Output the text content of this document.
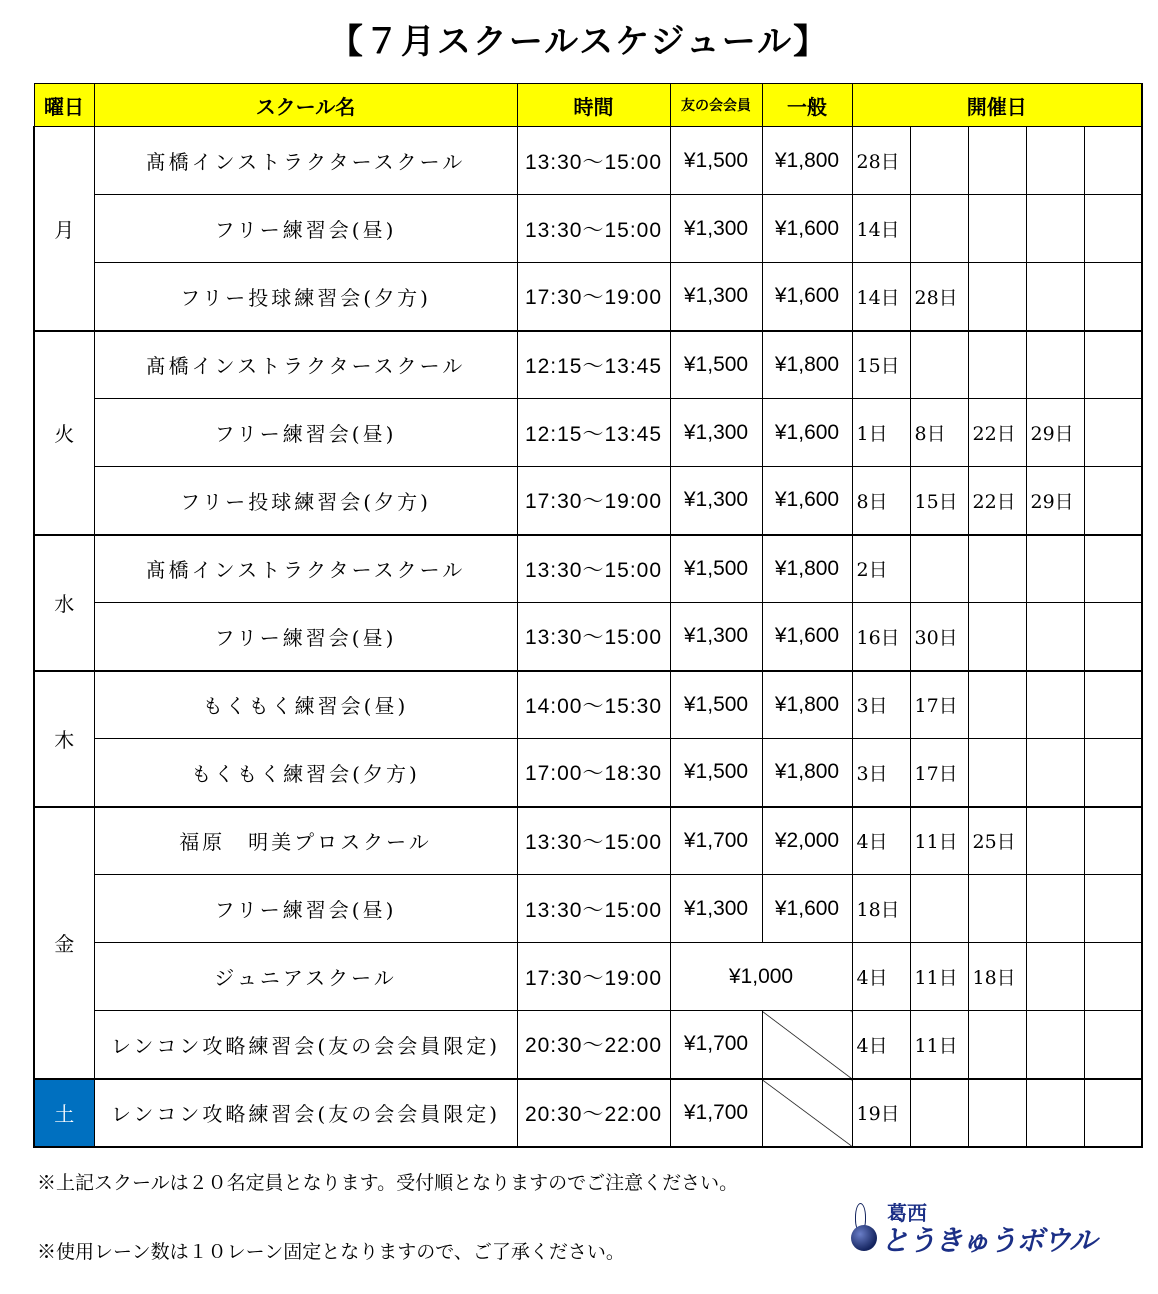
【７月スクールスケジュール】
曜日	スクール名	時間	友の会会員	一般	開催日				
月	髙橋インストラクタースクール	13:30〜15:00	¥1,500	¥1,800	28日				
	フリー練習会(昼)	13:30〜15:00	¥1,300	¥1,600	14日				
	フリー投球練習会(夕方)	17:30〜19:00	¥1,300	¥1,600	14日	28日			
火	髙橋インストラクタースクール	12:15〜13:45	¥1,500	¥1,800	15日				
	フリー練習会(昼)	12:15〜13:45	¥1,300	¥1,600	1日	8日	22日	29日	
	フリー投球練習会(夕方)	17:30〜19:00	¥1,300	¥1,600	8日	15日	22日	29日	
水	髙橋インストラクタースクール	13:30〜15:00	¥1,500	¥1,800	2日				
	フリー練習会(昼)	13:30〜15:00	¥1,300	¥1,600	16日	30日			
木	もくもく練習会(昼)	14:00〜15:30	¥1,500	¥1,800	3日	17日			
	もくもく練習会(夕方)	17:00〜18:30	¥1,500	¥1,800	3日	17日			
金	福原　明美プロスクール	13:30〜15:00	¥1,700	¥2,000	4日	11日	25日		
	フリー練習会(昼)	13:30〜15:00	¥1,300	¥1,600	18日				
	ジュニアスクール	17:30〜19:00	¥1,000		4日	11日	18日		
	レンコン攻略練習会(友の会会員限定)	20:30〜22:00	¥1,700		4日	11日			
土	レンコン攻略練習会(友の会会員限定)	20:30〜22:00	¥1,700		19日				
※上記スクールは２０名定員となります。受付順となりますのでご注意ください。
※使用レーン数は１０レーン固定となりますので、ご了承ください。
葛西
とうきゅうボウル
